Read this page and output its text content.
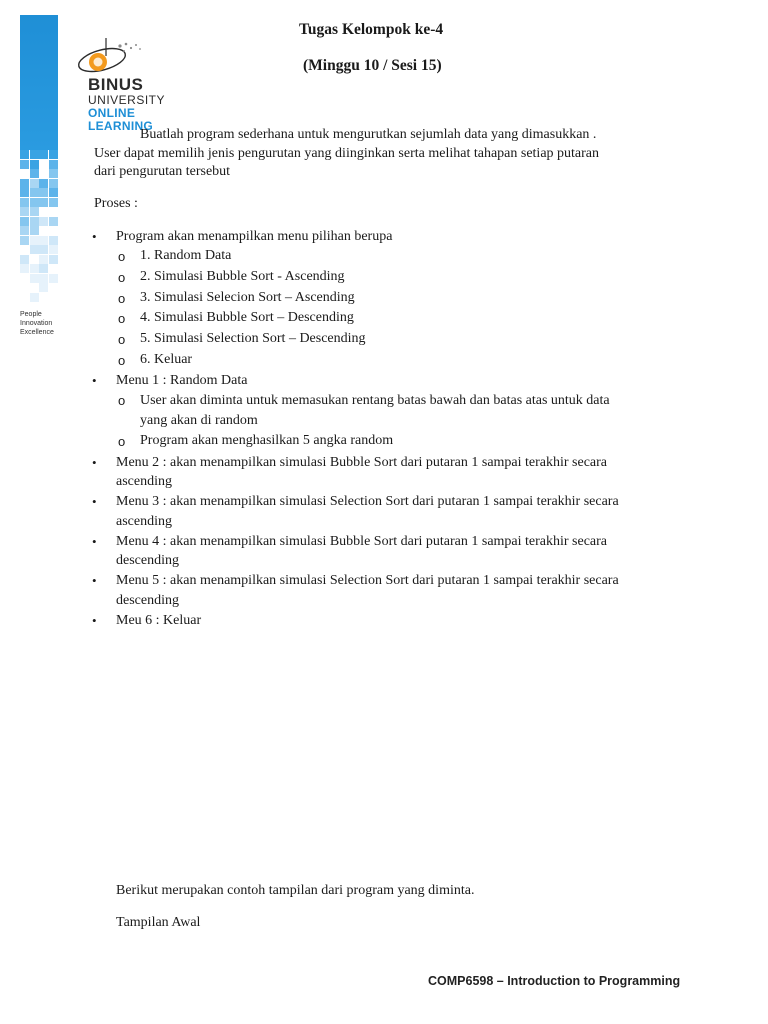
BINUS
UNIVERSITY
ONLINE
LEARNING
People
Innovation
Excellence
Tugas Kelompok ke-4
(Minggu 10 / Sesi 15)
Buatlah program sederhana untuk mengurutkan sejumlah data yang dimasukkan .
User dapat memilih jenis pengurutan yang diinginkan serta melihat tahapan setiap putaran
dari pengurutan tersebut
Proses :
• Program akan menampilkan menu pilihan berupa
o 1. Random Data
o 2. Simulasi Bubble Sort - Ascending
o 3. Simulasi Selecion Sort – Ascending
o 4. Simulasi Bubble Sort – Descending
o 5. Simulasi Selection Sort – Descending
o 6. Keluar
• Menu 1 : Random Data
o User akan diminta untuk memasukan rentang batas bawah dan batas atas untuk data
yang akan di random
o Program akan menghasilkan 5 angka random
• Menu 2 : akan menampilkan simulasi Bubble Sort dari putaran 1 sampai terakhir secara
ascending
• Menu 3 : akan menampilkan simulasi Selection Sort dari putaran 1 sampai terakhir secara
ascending
• Menu 4 : akan menampilkan simulasi Bubble Sort dari putaran 1 sampai terakhir secara
descending
• Menu 5 : akan menampilkan simulasi Selection Sort dari putaran 1 sampai terakhir secara
descending
• Meu 6 : Keluar
Berikut merupakan contoh tampilan dari program yang diminta.
Tampilan Awal
COMP6598 – Introduction to Programming
